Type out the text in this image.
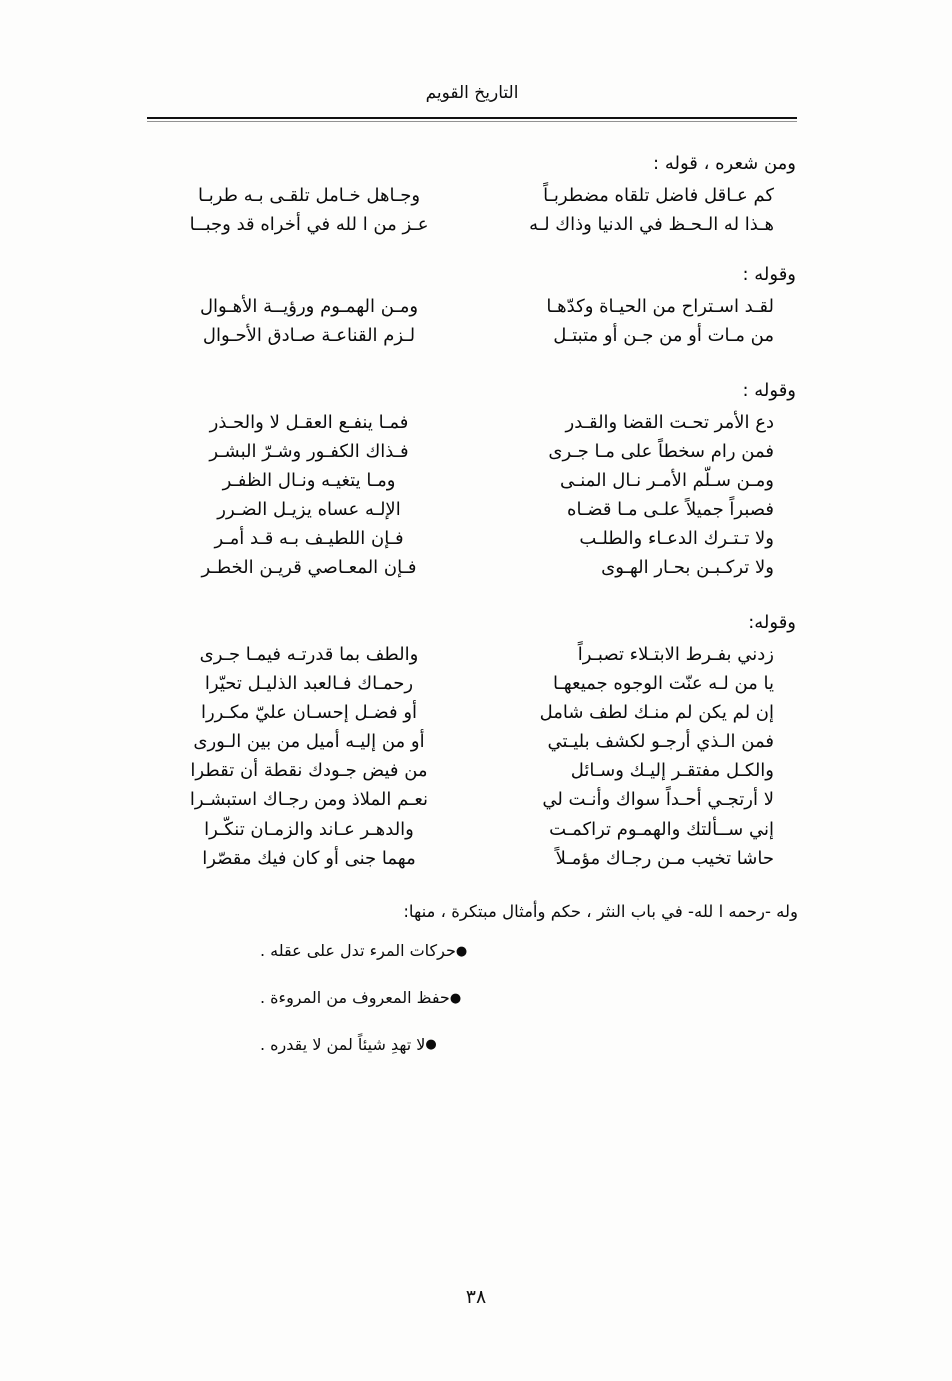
التاريخ القويم
ومن شعره ، قوله :
كم عـاقل فاضل تلقاه مضطربـاً
هـذا له الـحـظ في الدنيا وذاك لـه
وجـاهل خـامل تلقـى بـه طربـا
عـز من ا لله في أخراه قد وجبــا
وقوله :
لقـد اسـتراح من الحيـاة وكدّهـا
من مـات أو من جـن أو متبتـل
ومـن الهمـوم ورؤيــة الأهـوال
لـزم القناعـة صـادق الأحـوال
وقوله :
دع الأمر تحـت القضا والقـدر
فمن رام سخطاً على مـا جـرى
ومـن سـلّم الأمـر نـال المنـى
فصبراً جميلاً علـى مـا قضـاه
ولا تـتـرك الدعـاء والطلـب
ولا تركـبـن بحـار الهـوى
فمـا ينفـع العقـل لا والحـذر
فـذاك الكفـور وشـرّ البشـر
ومـا يتغيـه ونـال الظفـر
الإلـه عساه يزيـل الضـرر
فـإن اللطيـف بـه قـد أمـر
فـإن المعـاصي قريـن الخطـر
وقوله:
زدني بفـرط الابتـلاء تصبـراً
يا من لـه عنّت الوجوه جميعهـا
إن لم يكن لم منـك لطف شامل
فمن الـذي أرجـو لكشف بليـتي
والكـل مفتقـر إليـك وسـائل
لا أرتجـي أحـداً سواك وأنـت لي
إني ســألتك والهمـوم تراكمـت
حاشا تخيب مـن رجـاك مؤمـلاً
والطف بما قدرتـه فيمـا جـرى
رحمـاك فـالعبد الذليـل تحيّرا
أو فضـل إحسـان عليّ مكـررا
أو من إليـه أميل من بين الـورى
من فيض جـودك نقطة أن تقطرا
نعـم الملاذ ومن رجـاك استبشـرا
والدهـر عـاند والزمـان تنكّـرا
مهما جنى أو كان فيك مقصّرا
وله -رحمه ا لله- في باب النثر ، حكم وأمثال مبتكرة ، منها:
●حركات المرء تدل على عقله .
●حفظ المعروف من المروءة .
●لا تهدِ شيئاً لمن لا يقدره .
٣٨
